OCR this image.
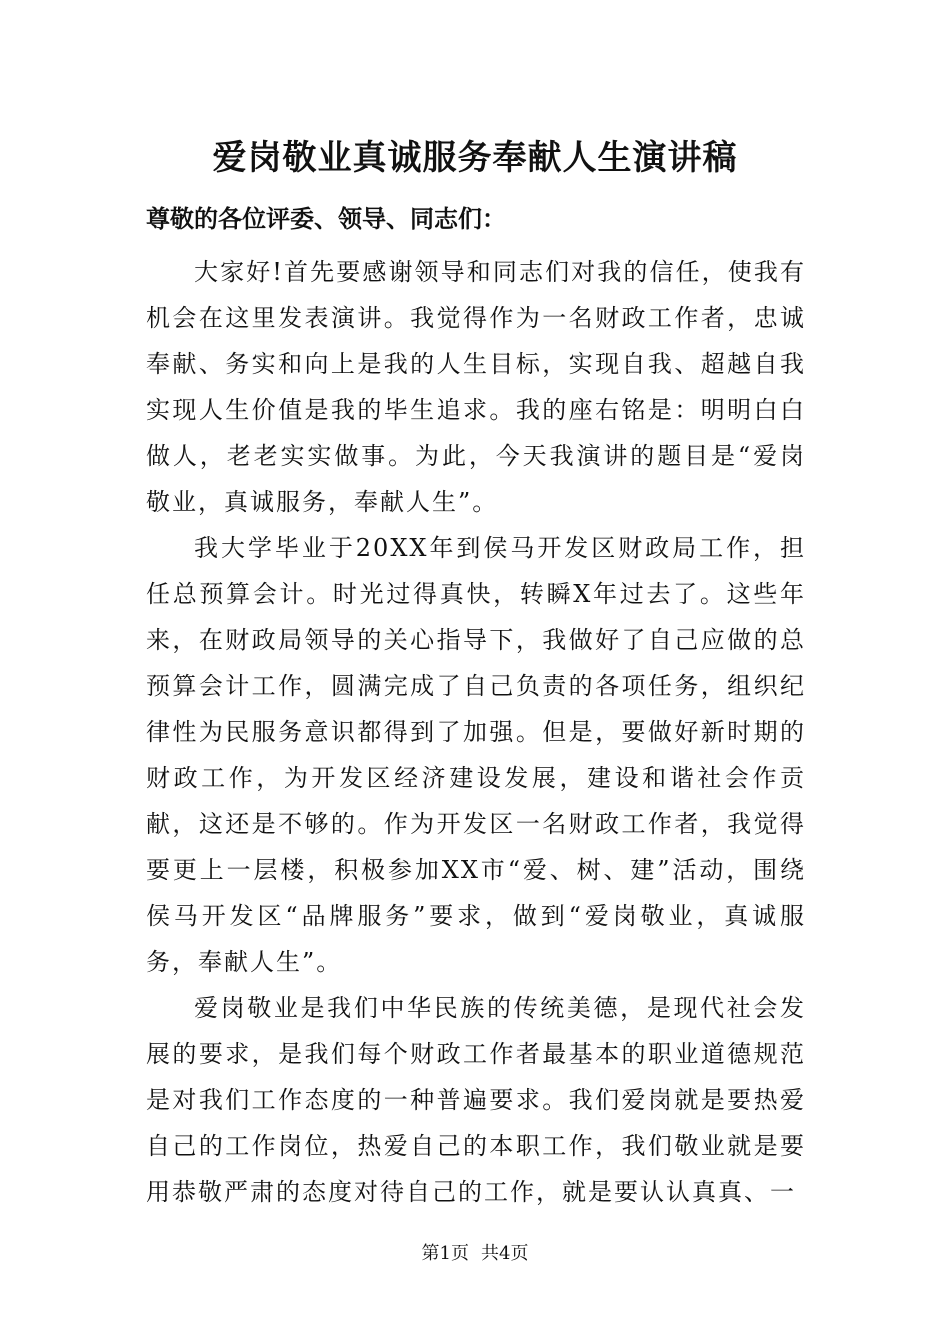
爱岗敬业真诚服务奉献人生演讲稿

尊敬的各位评委、领导、同志们：

大家好!首先要感谢领导和同志们对我的信任，使我有机会在这里发表演讲。我觉得作为一名财政工作者，忠诚奉献、务实和向上是我的人生目标，实现自我、超越自我实现人生价值是我的毕生追求。我的座右铭是：明明白白做人，老老实实做事。为此，今天我演讲的题目是“爱岗敬业，真诚服务，奉献人生”。

我大学毕业于20XX年到侯马开发区财政局工作，担任总预算会计。时光过得真快，转瞬X年过去了。这些年来，在财政局领导的关心指导下，我做好了自己应做的总预算会计工作，圆满完成了自己负责的各项任务，组织纪律性为民服务意识都得到了加强。但是，要做好新时期的财政工作，为开发区经济建设发展，建设和谐社会作贡献，这还是不够的。作为开发区一名财政工作者，我觉得要更上一层楼，积极参加XX市“爱、树、建”活动，围绕侯马开发区“品牌服务”要求，做到“爱岗敬业，真诚服务，奉献人生”。

爱岗敬业是我们中华民族的传统美德，是现代社会发展的要求，是我们每个财政工作者最基本的职业道德规范是对我们工作态度的一种普遍要求。我们爱岗就是要热爱自己的工作岗位，热爱自己的本职工作，我们敬业就是要用恭敬严肃的态度对待自己的工作，就是要认认真真、一

第1页 共4页
